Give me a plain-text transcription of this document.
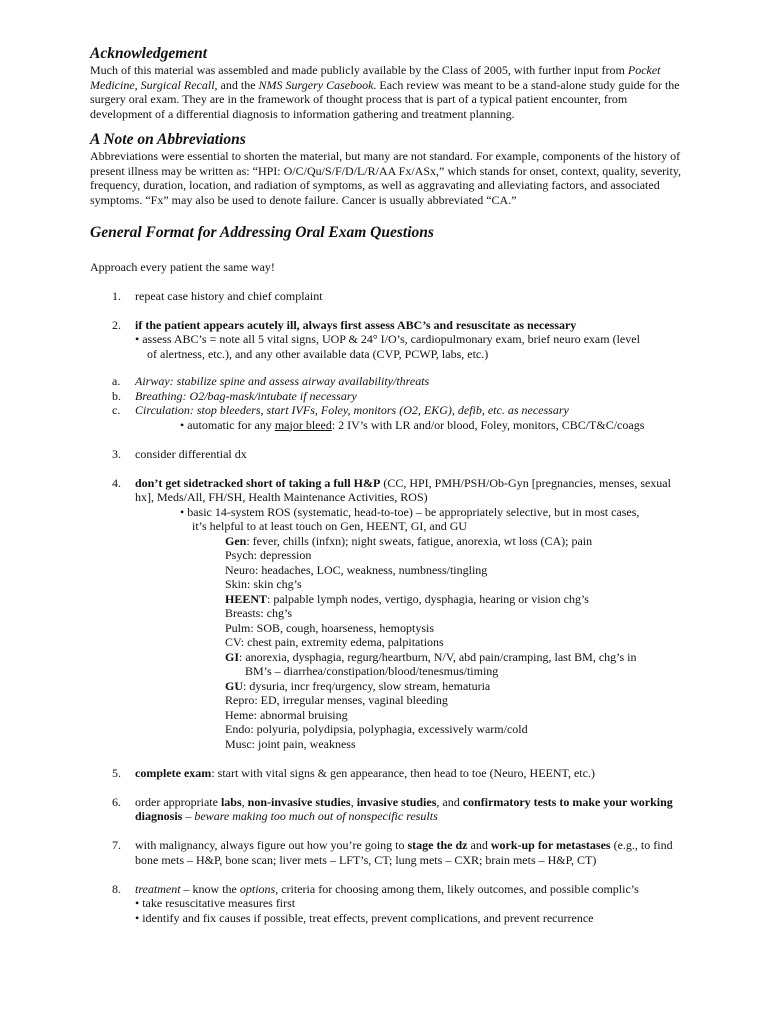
Acknowledgement

Much of this material was assembled and made publicly available by the Class of 2005, with further input from Pocket Medicine, Surgical Recall, and the NMS Surgery Casebook. Each review was meant to be a stand-alone study guide for the surgery oral exam. They are in the framework of thought process that is part of a typical patient encounter, from development of a differential diagnosis to information gathering and treatment planning.

A Note on Abbreviations

Abbreviations were essential to shorten the material, but many are not standard. For example, components of the history of present illness may be written as: “HPI: O/C/Qu/S/F/D/L/R/AA Fx/ASx,” which stands for onset, context, quality, severity, frequency, duration, location, and radiation of symptoms, as well as aggravating and alleviating factors, and associated symptoms. “Fx” may also be used to denote failure. Cancer is usually abbreviated “CA.”

General Format for Addressing Oral Exam Questions

Approach every patient the same way!

1. repeat case history and chief complaint
2. if the patient appears acutely ill, always first assess ABC’s and resuscitate as necessary
• assess ABC’s = note all 5 vital signs, UOP & 24° I/O’s, cardiopulmonary exam, brief neuro exam (level
of alertness, etc.), and any other available data (CVP, PCWP, labs, etc.)
a. Airway: stabilize spine and assess airway availability/threats
b. Breathing: O2/bag-mask/intubate if necessary
c. Circulation: stop bleeders, start IVFs, Foley, monitors (O2, EKG), defib, etc. as necessary
• automatic for any major bleed: 2 IV’s with LR and/or blood, Foley, monitors, CBC/T&C/coags
3. consider differential dx
4. don’t get sidetracked short of taking a full H&P (CC, HPI, PMH/PSH/Ob-Gyn [pregnancies, menses, sexual hx], Meds/All, FH/SH, Health Maintenance Activities, ROS)
• basic 14-system ROS (systematic, head-to-toe) – be appropriately selective, but in most cases,
it’s helpful to at least touch on Gen, HEENT, GI, and GU
Gen: fever, chills (infxn); night sweats, fatigue, anorexia, wt loss (CA); pain
Psych: depression
Neuro: headaches, LOC, weakness, numbness/tingling
Skin: skin chg’s
HEENT: palpable lymph nodes, vertigo, dysphagia, hearing or vision chg’s
Breasts: chg’s
Pulm: SOB, cough, hoarseness, hemoptysis
CV: chest pain, extremity edema, palpitations
GI: anorexia, dysphagia, regurg/heartburn, N/V, abd pain/cramping, last BM, chg’s in
BM’s – diarrhea/constipation/blood/tenesmus/timing
GU: dysuria, incr freq/urgency, slow stream, hematuria
Repro: ED, irregular menses, vaginal bleeding
Heme: abnormal bruising
Endo: polyuria, polydipsia, polyphagia, excessively warm/cold
Musc: joint pain, weakness
5. complete exam: start with vital signs & gen appearance, then head to toe (Neuro, HEENT, etc.)
6. order appropriate labs, non-invasive studies, invasive studies, and confirmatory tests to make your working diagnosis – beware making too much out of nonspecific results
7. with malignancy, always figure out how you’re going to stage the dz and work-up for metastases (e.g., to find bone mets – H&P, bone scan; liver mets – LFT’s, CT; lung mets – CXR; brain mets – H&P, CT)
8. treatment – know the options, criteria for choosing among them, likely outcomes, and possible complic’s
• take resuscitative measures first
• identify and fix causes if possible, treat effects, prevent complications, and prevent recurrence
